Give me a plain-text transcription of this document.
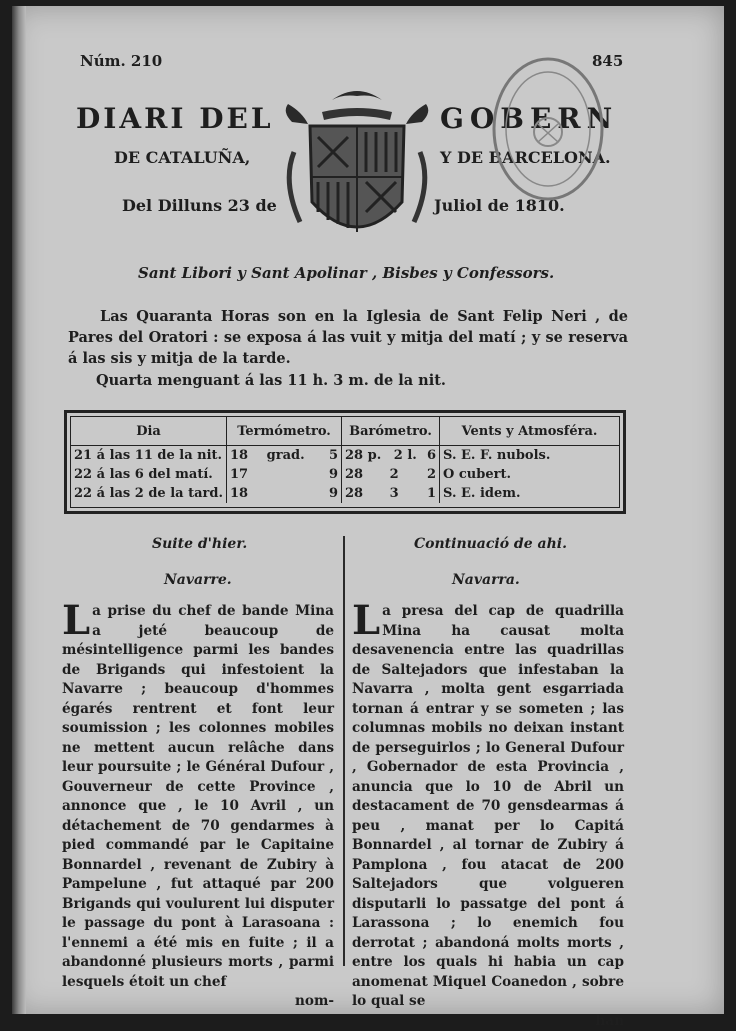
Núm. 210	845
DIARI DEL	GOBERN
DE CATALUÑA,	Y DE BARCELONA.
Del Dilluns 23 de	Juliol de 1810.
Sant Libori y Sant Apolinar , Bisbes y Confessors.
Las Quaranta Horas son en la Iglesia de Sant Felip Neri , de Pares del Oratori : se exposa á las vuit y mitja del matí ; y se reserva á las sis y mitja de la tarde.
Quarta menguant á las 11 h. 3 m. de la nit.
Dia	Termómetro.	Barómetro.	Vents y Atmosféra.
21 á las 11 de la nit.	18 grad. 5	28 p. 2 l. 6	S. E. F. nubols.
22 á las 6 del matí.	17 9	28 2 2	O cubert.
22 á las 2 de la tard.	18 9	28 3 1	S. E. idem.
Suite d'hier.	Continuació de ahi.
Navarre.	Navarra.
La prise du chef de bande Mina a jeté beaucoup de mésintelligence parmi les bandes de Brigands qui infestoient la Navarre ; beaucoup d'hommes égarés rentrent et font leur soumission ; les colonnes mobiles ne mettent aucun relâche dans leur poursuite ; le Général Dufour , Gouverneur de cette Province , annonce que , le 10 Avril , un détachement de 70 gendarmes à pied commandé par le Capitaine Bonnardel , revenant de Zubiry à Pampelune , fut attaqué par 200 Brigands qui voulurent lui disputer le passage du pont à Larasoana : l'ennemi a été mis en fuite ; il a abandonné plusieurs morts , parmi lesquels étoit un chef
nom-
La presa del cap de quadrilla Mina ha causat molta desavenencia entre las quadrillas de Saltejadors que infestaban la Navarra , molta gent esgarriada tornan á entrar y se someten ; las columnas mobils no deixan instant de perseguirlos ; lo General Dufour , Gobernador de esta Provincia , anuncia que lo 10 de Abril un destacament de 70 gensdearmas á peu , manat per lo Capitá Bonnardel , al tornar de Zubiry á Pamplona , fou atacat de 200 Saltejadors que volgueren disputarli lo passatge del pont á Larassona ; lo enemich fou derrotat ; abandoná molts morts , entre los quals hi habia un cap anomenat Miquel Coanedon , sobre lo qual se
han
